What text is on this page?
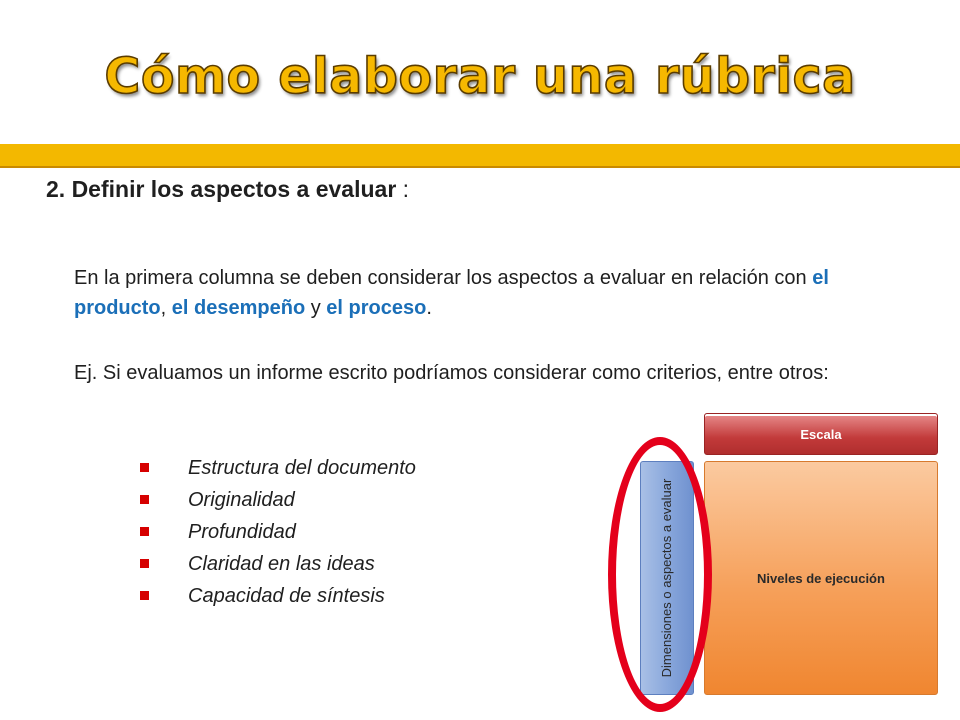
Cómo elaborar una rúbrica
2. Definir los aspectos a evaluar :
En la primera columna se deben considerar los aspectos a evaluar en relación con el producto, el desempeño y el proceso.
Ej. Si evaluamos un informe escrito podríamos considerar como criterios, entre otros:
Estructura del documento
Originalidad
Profundidad
Claridad en las ideas
Capacidad de síntesis
Escala
Niveles de ejecución
Dimensiones o aspectos a evaluar
